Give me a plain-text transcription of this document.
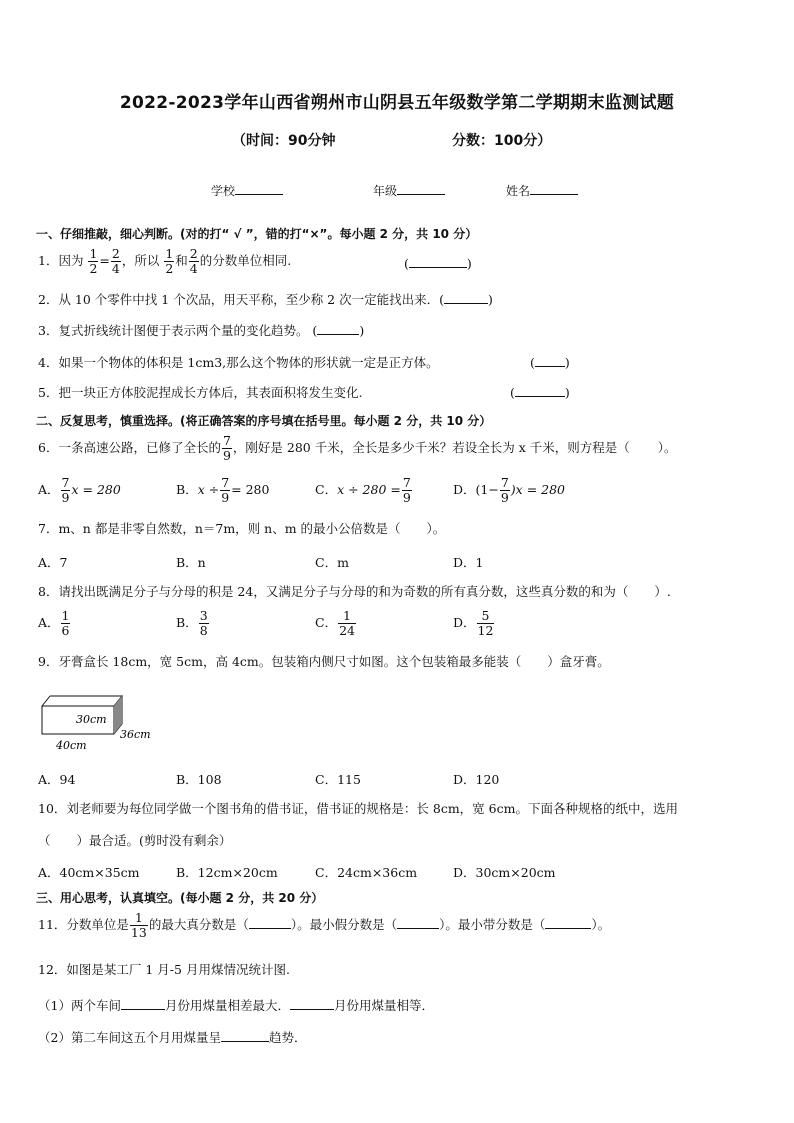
2022-2023学年山西省朔州市山阴县五年级数学第二学期期末监测试题
（时间：90分钟	分数：100分）
学校	年级	姓名
一、仔细推敲，细心判断。(对的打“ √ ”，错的打“×”。每小题 2 分，共 10 分）
1．因为 $\frac{1}{2} = \frac{2}{4}$ ，所以 $\frac{1}{2}$ 和 $\frac{2}{4}$ 的分数单位相同.	(	)
2．从 10 个零件中找 1 个次品，用天平称，至少称 2 次一定能找出来．(	)
3．复式折线统计图便于表示两个量的变化趋势。 (	)
4．如果一个物体的体积是 1cm3,那么这个物体的形状就一定是正方体。	( )
5．把一块正方体胶泥捏成长方体后，其表面积将发生变化.	(	)
二、反复思考，慎重选择。(将正确答案的序号填在括号里。每小题 2 分，共 10 分）
6．一条高速公路，已修了全长的 $\frac{7}{9}$ ，刚好是 280 千米，全长是多少千米？若设全长为 x 千米，则方程是（ ）。
A． $\frac{7}{9}$ x = 280	B．$x \div \frac{7}{9} = 280$	C．$x \div 280 = \frac{7}{9}$	D．$(1- \frac{7}{9} )x = 280$
7．m、n 都是非零自然数，n＝7m，则 n、m 的最小公倍数是（ ）。
A．7	B．n	C．m	D．1
8．请找出既满足分子与分母的积是 24，又满足分子与分母的和为奇数的所有真分数，这些真分数的和为（ ）.
A． $\frac{1}{6}$	B． $\frac{3}{8}$	C． $\frac{1}{24}$	D． $\frac{5}{12}$
9．牙膏盒长 18cm，宽 5cm，高 4cm。包装箱内侧尺寸如图。这个包装箱最多能装（ ）盒牙膏。
30cm
36cm
40cm
A．94	B．108	C．115	D．120
10．刘老师要为每位同学做一个图书角的借书证，借书证的规格是：长 8cm，宽 6cm。下面各种规格的纸中，选用
（ ）最合适。(剪时没有剩余）
A．40cm×35cm	B．12cm×20cm	C．24cm×36cm	D．30cm×20cm
三、用心思考，认真填空。(每小题 2 分，共 20 分）
11．分数单位是 $\frac{1}{13}$ 的最大真分数是（	）。最小假分数是（	）。最小带分数是（	）。
12．如图是某工厂 1 月-5 月用煤情况统计图.
（1）两个车间	月份用煤量相差最大．	月份用煤量相等．
（2）第二车间这五个月用煤量呈	趋势．
